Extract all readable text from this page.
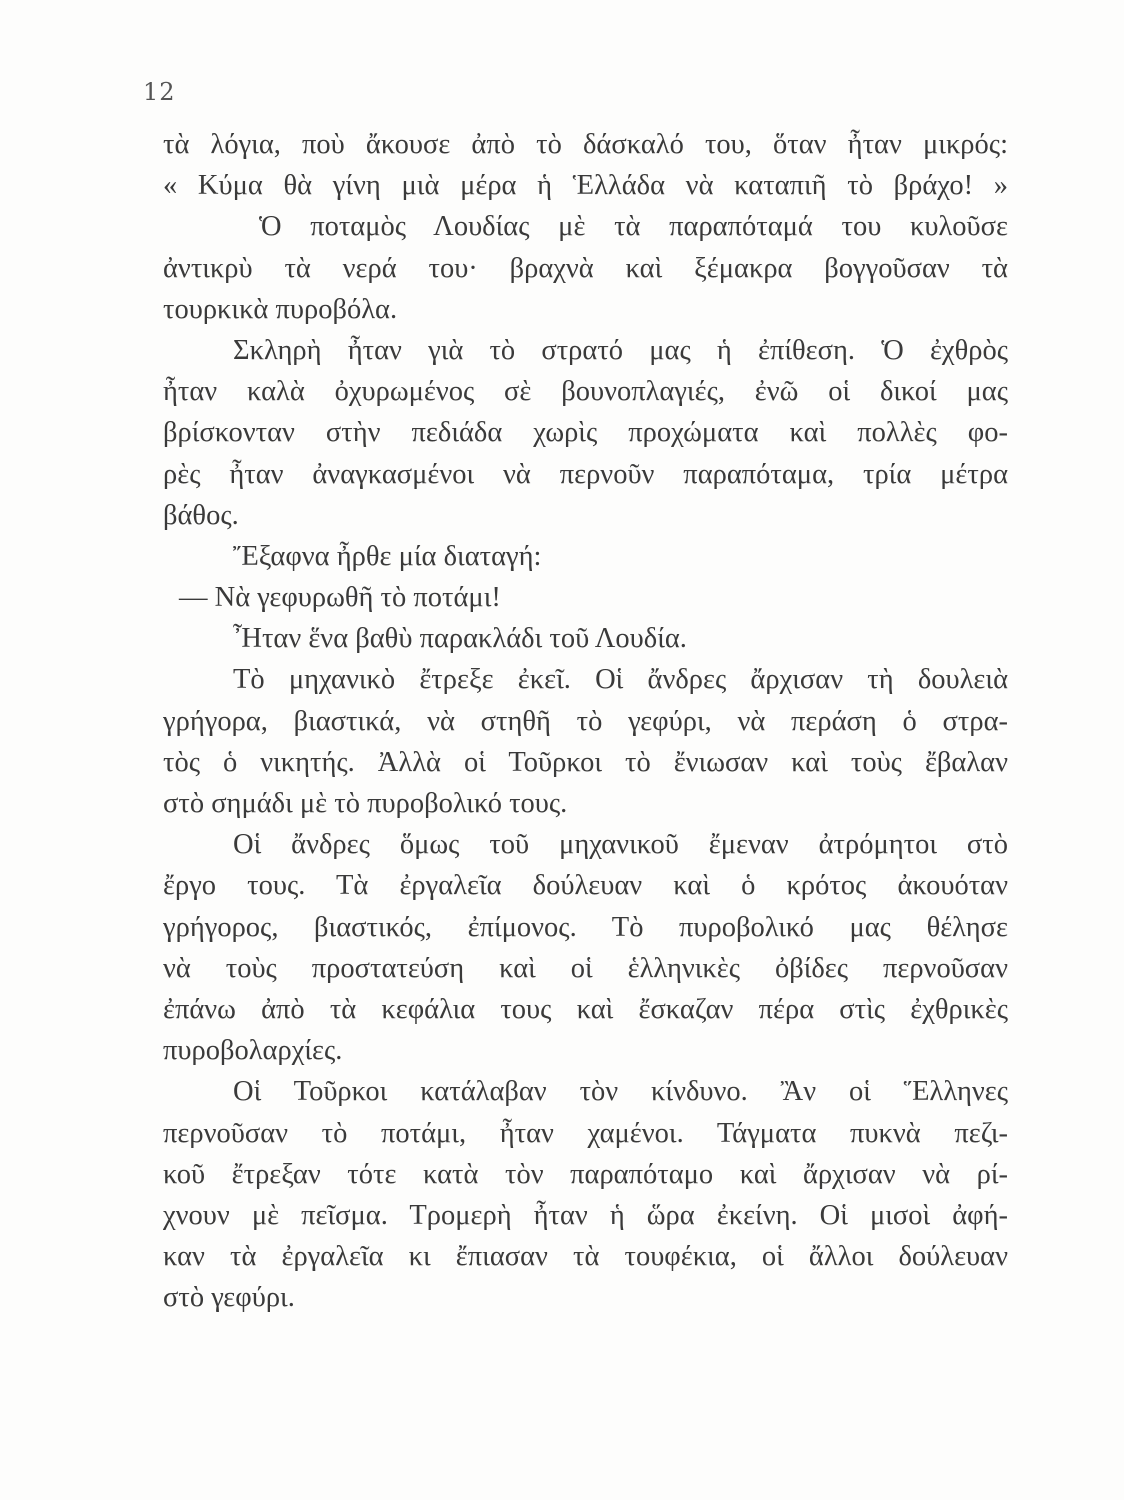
12
τὰ λόγια, ποὺ ἄκουσε ἀπὸ τὸ δάσκαλό του, ὅταν ἦταν μικρός:
« Κύμα θὰ γίνη μιὰ μέρα ἡ Ἑλλάδα νὰ καταπιῆ τὸ βράχο! »
Ὁ ποταμὸς Λουδίας μὲ τὰ παραπόταμά του κυλοῦσε
ἀντικρὺ τὰ νερά του· βραχνὰ καὶ ξέμακρα βογγοῦσαν τὰ
τουρκικὰ πυροβόλα.
Σκληρὴ ἦταν γιὰ τὸ στρατό μας ἡ ἐπίθεση. Ὁ ἐχθρὸς
ἦταν καλὰ ὀχυρωμένος σὲ βουνοπλαγιές, ἐνῶ οἱ δικοί μας
βρίσκονταν στὴν πεδιάδα χωρὶς προχώματα καὶ πολλὲς φο-
ρὲς ἦταν ἀναγκασμένοι νὰ περνοῦν παραπόταμα, τρία μέτρα
βάθος.
Ἔξαφνα ἦρθε μία διαταγή:
— Νὰ γεφυρωθῆ τὸ ποτάμι!
Ἦταν ἕνα βαθὺ παρακλάδι τοῦ Λουδία.
Τὸ μηχανικὸ ἔτρεξε ἐκεῖ. Οἱ ἄνδρες ἄρχισαν τὴ δουλειὰ
γρήγορα, βιαστικά, νὰ στηθῆ τὸ γεφύρι, νὰ περάση ὁ στρα-
τὸς ὁ νικητής. Ἀλλὰ οἱ Τοῦρκοι τὸ ἔνιωσαν καὶ τοὺς ἔβαλαν
στὸ σημάδι μὲ τὸ πυροβολικό τους.
Οἱ ἄνδρες ὅμως τοῦ μηχανικοῦ ἔμεναν ἀτρόμητοι στὸ
ἔργο τους. Τὰ ἐργαλεῖα δούλευαν καὶ ὁ κρότος ἀκουόταν
γρήγορος, βιαστικός, ἐπίμονος. Τὸ πυροβολικό μας θέλησε
νὰ τοὺς προστατεύση καὶ οἱ ἑλληνικὲς ὀβίδες περνοῦσαν
ἐπάνω ἀπὸ τὰ κεφάλια τους καὶ ἔσκαζαν πέρα στὶς ἐχθρικὲς
πυροβολαρχίες.
Οἱ Τοῦρκοι κατάλαβαν τὸν κίνδυνο. Ἂν οἱ Ἕλληνες
περνοῦσαν τὸ ποτάμι, ἦταν χαμένοι. Τάγματα πυκνὰ πεζι-
κοῦ ἔτρεξαν τότε κατὰ τὸν παραπόταμο καὶ ἄρχισαν νὰ ρί-
χνουν μὲ πεῖσμα. Τρομερὴ ἦταν ἡ ὥρα ἐκείνη. Οἱ μισοὶ ἀφή-
καν τὰ ἐργαλεῖα κι ἔπιασαν τὰ τουφέκια, οἱ ἄλλοι δούλευαν
στὸ γεφύρι.
